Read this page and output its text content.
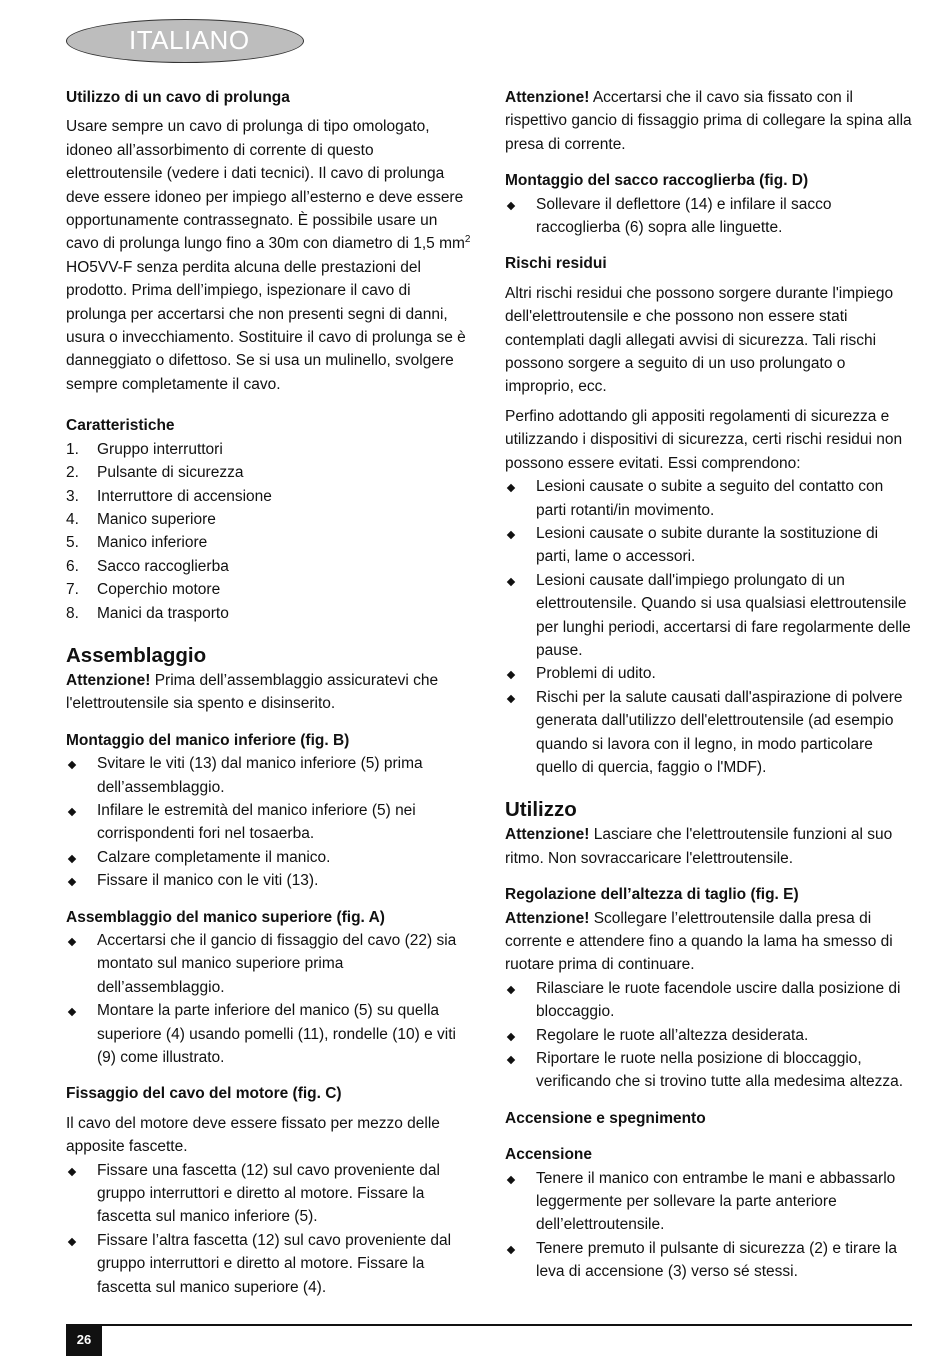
ITALIANO

Utilizzo di un cavo di prolunga

Usare sempre un cavo di prolunga di tipo omologato, idoneo all’assorbimento di corrente di questo elettroutensile (vedere i dati tecnici). Il cavo di prolunga deve essere idoneo per impiego all’esterno e deve essere opportunamente contrassegnato. È possibile usare un cavo di prolunga lungo fino a 30m con diametro di 1,5 $mm^2$ HO5VV-F senza perdita alcuna delle prestazioni del prodotto. Prima dell’impiego, ispezionare il cavo di prolunga per accertarsi che non presenti segni di danni, usura o invecchiamento. Sostituire il cavo di prolunga se è danneggiato o difettoso. Se si usa un mulinello, svolgere sempre completamente il cavo.

Caratteristiche

1. Gruppo interruttori
2. Pulsante di sicurezza
3. Interruttore di accensione
4. Manico superiore
5. Manico inferiore
6. Sacco raccoglierba
7. Coperchio motore
8. Manici da trasporto

Assemblaggio

Attenzione! Prima dell’assemblaggio assicuratevi che l'elettroutensile sia spento e disinserito.

Montaggio del manico inferiore (fig. B)

Svitare le viti (13) dal manico inferiore (5) prima dell’assemblaggio.
Infilare le estremità del manico inferiore (5) nei corrispondenti fori nel tosaerba.
Calzare completamente il manico.
Fissare il manico con le viti (13).

Assemblaggio del manico superiore (fig. A)

Accertarsi che il gancio di fissaggio del cavo (22) sia montato sul manico superiore prima dell’assemblaggio.
Montare la parte inferiore del manico (5) su quella superiore (4) usando pomelli (11), rondelle (10) e viti (9) come illustrato.

Fissaggio del cavo del motore (fig. C)

Il cavo del motore deve essere fissato per mezzo delle apposite fascette.

Fissare una fascetta (12) sul cavo proveniente dal gruppo interruttori e diretto al motore. Fissare la fascetta sul manico inferiore (5).
Fissare l’altra fascetta (12) sul cavo proveniente dal gruppo interruttori e diretto al motore. Fissare la fascetta sul manico superiore (4).

Attenzione! Accertarsi che il cavo sia fissato con il rispettivo gancio di fissaggio prima di collegare la spina alla presa di corrente.

Montaggio del sacco raccoglierba (fig. D)

Sollevare il deflettore (14) e infilare il sacco raccoglierba (6) sopra alle linguette.

Rischi residui

Altri rischi residui che possono sorgere durante l'impiego dell'elettroutensile e che possono non essere stati contemplati dagli allegati avvisi di sicurezza. Tali rischi possono sorgere a seguito di un uso prolungato o improprio, ecc.

Perfino adottando gli appositi regolamenti di sicurezza e utilizzando i dispositivi di sicurezza, certi rischi residui non possono essere evitati. Essi comprendono:

Lesioni causate o subite a seguito del contatto con parti rotanti/in movimento.
Lesioni causate o subite durante la sostituzione di parti, lame o accessori.
Lesioni causate dall'impiego prolungato di un elettroutensile. Quando si usa qualsiasi elettroutensile per lunghi periodi, accertarsi di fare regolarmente delle pause.
Problemi di udito.
Rischi per la salute causati dall'aspirazione di polvere generata dall'utilizzo dell'elettroutensile (ad esempio quando si lavora con il legno, in modo particolare quello di quercia, faggio o l'MDF).

Utilizzo

Attenzione! Lasciare che l'elettroutensile funzioni al suo ritmo. Non sovraccaricare l'elettroutensile.

Regolazione dell’altezza di taglio (fig. E)

Attenzione! Scollegare l’elettroutensile dalla presa di corrente e attendere fino a quando la lama ha smesso di ruotare prima di continuare.

Rilasciare le ruote facendole uscire dalla posizione di bloccaggio.
Regolare le ruote all’altezza desiderata.
Riportare le ruote nella posizione di bloccaggio, verificando che si trovino tutte alla medesima altezza.

Accensione e spegnimento

Accensione

Tenere il manico con entrambe le mani e abbassarlo leggermente per sollevare la parte anteriore dell’elettroutensile.
Tenere premuto il pulsante di sicurezza (2) e tirare la leva di accensione (3) verso sé stessi.
26
